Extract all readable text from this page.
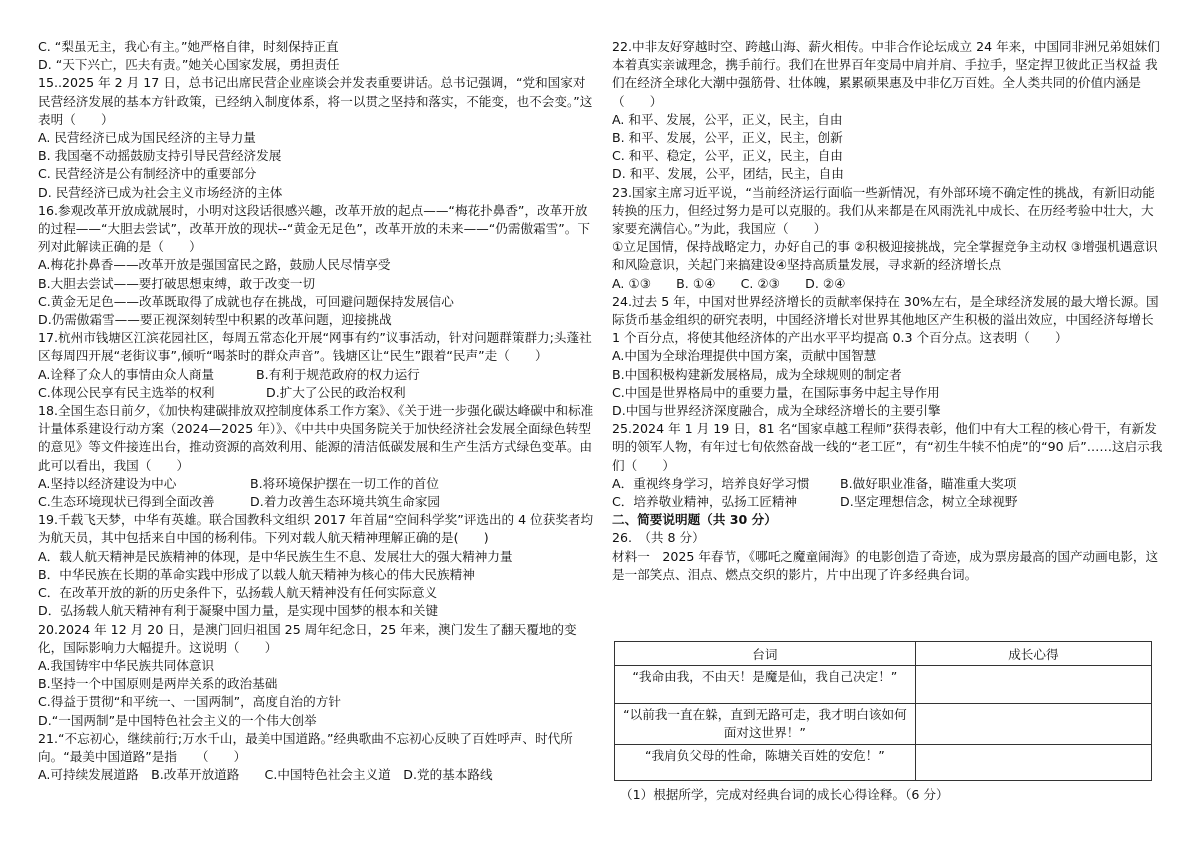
C. “梨虽无主，我心有主。”她严格自律，时刻保持正直

D. “天下兴亡，匹夫有责。”她关心国家发展，勇担责任

15..2025 年 2 月 17 日，总书记出席民营企业座谈会并发表重要讲话。总书记强调，“党和国家对民营经济发展的基本方针政策，已经纳入制度体系，将一以贯之坚持和落实，不能变，也不会变。”这表明（　　）

A. 民营经济已成为国民经济的主导力量

B. 我国毫不动摇鼓励支持引导民营经济发展

C. 民营经济是公有制经济中的重要部分

D. 民营经济已成为社会主义市场经济的主体

16.参观改革开放成就展时，小明对这段话很感兴趣，改革开放的起点——“梅花扑鼻香”，改革开放的过程——“大胆去尝试”，改革开放的现状--“黄金无足色”，改革开放的未来——“仍需傲霜雪”。下列对此解读正确的是（　　）

A.梅花扑鼻香——改革开放是强国富民之路，鼓励人民尽情享受

B.大胆去尝试——要打破思想束缚，敢于改变一切

C.黄金无足色——改革既取得了成就也存在挑战，可回避问题保持发展信心

D.仍需傲霜雪——要正视深刻转型中积累的改革问题，迎接挑战

17.杭州市钱塘区江滨花园社区，每周五常态化开展“网事有约”议事活动，针对问题群策群力;头蓬社区每周四开展“老街议事”,倾听“喝茶时的群众声音”。钱塘区让“民生”跟着“民声”走（　　）

A.诠释了众人的事情由众人商量	B.有利于规范政府的权力运行
C.体现公民享有民主选举的权利	D.扩大了公民的政治权利

18.全国生态日前夕，《加快构建碳排放双控制度体系工作方案》、《关于进一步强化碳达峰碳中和标准计量体系建设行动方案（2024—2025 年）》、《中共中央国务院关于加快经济社会发展全面绿色转型的意见》等文件接连出台，推动资源的高效利用、能源的清洁低碳发展和生产生活方式绿色变革。由此可以看出，我国（　　）

A.坚持以经济建设为中心	B.将环境保护摆在一切工作的首位
C.生态环境现状已得到全面改善	D.着力改善生态环境共筑生命家园

19.千载飞天梦，中华有英雄。联合国教科文组织 2017 年首届“空间科学奖”评选出的 4 位获奖者均为航天员，其中包括来自中国的杨利伟。下列对载人航天精神理解正确的是(　　)

A．载人航天精神是民族精神的体现，是中华民族生生不息、发展壮大的强大精神力量

B．中华民族在长期的革命实践中形成了以载人航天精神为核心的伟大民族精神

C．在改革开放的新的历史条件下，弘扬载人航天精神没有任何实际意义

D．弘扬载人航天精神有利于凝聚中国力量，是实现中国梦的根本和关键

20.2024 年 12 月 20 日，是澳门回归祖国 25 周年纪念日，25 年来，澳门发生了翻天覆地的变化，国际影响力大幅提升。这说明（　　）

A.我国铸牢中华民族共同体意识

B.坚持一个中国原则是两岸关系的政治基础

C.得益于贯彻“和平统一、一国两制”，高度自治的方针

D.“一国两制”是中国特色社会主义的一个伟大创举

21.“不忘初心，继续前行;万水千山，最美中国道路。”经典歌曲不忘初心反映了百姓呼声、时代所向。“最美中国道路”是指　　（　　）

A.可持续发展道路　B.改革开放道路　　C.中国特色社会主义道　D.党的基本路线

22.中非友好穿越时空、跨越山海、薪火相传。中非合作论坛成立 24 年来，中国同非洲兄弟姐妹们本着真实亲诚理念，携手前行。我们在世界百年变局中肩并肩、手拉手，坚定捍卫彼此正当权益 我们在经济全球化大潮中强筋骨、壮体魄，累累硕果惠及中非亿万百姓。全人类共同的价值内涵是（　　）

A. 和平、发展，公平，正义，民主，自由

B. 和平、发展，公平，正义，民主，创新

C. 和平、稳定，公平，正义，民主，自由

D. 和平、发展，公平，团结，民主，自由

23.国家主席习近平说，“当前经济运行面临一些新情况，有外部环境不确定性的挑战，有新旧动能转换的压力，但经过努力是可以克服的。我们从来都是在风雨洗礼中成长、在历经考验中壮大，大家要充满信心。”为此，我国应（　　）

①立足国情，保持战略定力，办好自己的事 ②积极迎接挑战，完全掌握竞争主动权 ③增强机遇意识和风险意识，关起门来搞建设④坚持高质量发展，寻求新的经济增长点

A. ①③　　B. ①④　　C. ②③　　D. ②④

24.过去 5 年，中国对世界经济增长的贡献率保持在 30%左右，是全球经济发展的最大增长源。国际货币基金组织的研究表明，中国经济增长对世界其他地区产生积极的溢出效应，中国经济每增长 1 个百分点，将使其他经济体的产出水平平均提高 0.3 个百分点。这表明（　　）

A.中国为全球治理提供中国方案，贡献中国智慧

B.中国积极构建新发展格局，成为全球规则的制定者

C.中国是世界格局中的重要力量，在国际事务中起主导作用

D.中国与世界经济深度融合，成为全球经济增长的主要引擎

25.2024 年 1 月 19 日，81 名“国家卓越工程师”获得表彰，他们中有大工程的核心骨干，有新发明的领军人物，有年过七旬依然奋战一线的“老工匠”，有“初生牛犊不怕虎”的“90 后”……这启示我们（　　）

A．重视终身学习，培养良好学习惯	B.做好职业准备，瞄准重大奖项
C．培养敬业精神，弘扬工匠精神	D.坚定理想信念，树立全球视野

二、简要说明题（共 30 分）

26.　（共 8 分）

材料一　2025 年春节，《哪吒之魔童闹海》的电影创造了奇迹，成为票房最高的国产动画电影，这是一部笑点、泪点、燃点交织的影片，片中出现了许多经典台词。

台词	成长心得
“我命由我，不由天！是魔是仙，我自己决定！”	
“以前我一直在躲，直到无路可走，我才明白该如何面对这世界！”	
“我肩负父母的性命，陈塘关百姓的安危！”	
（1）根据所学，完成对经典台词的成长心得诠释。（6 分）
